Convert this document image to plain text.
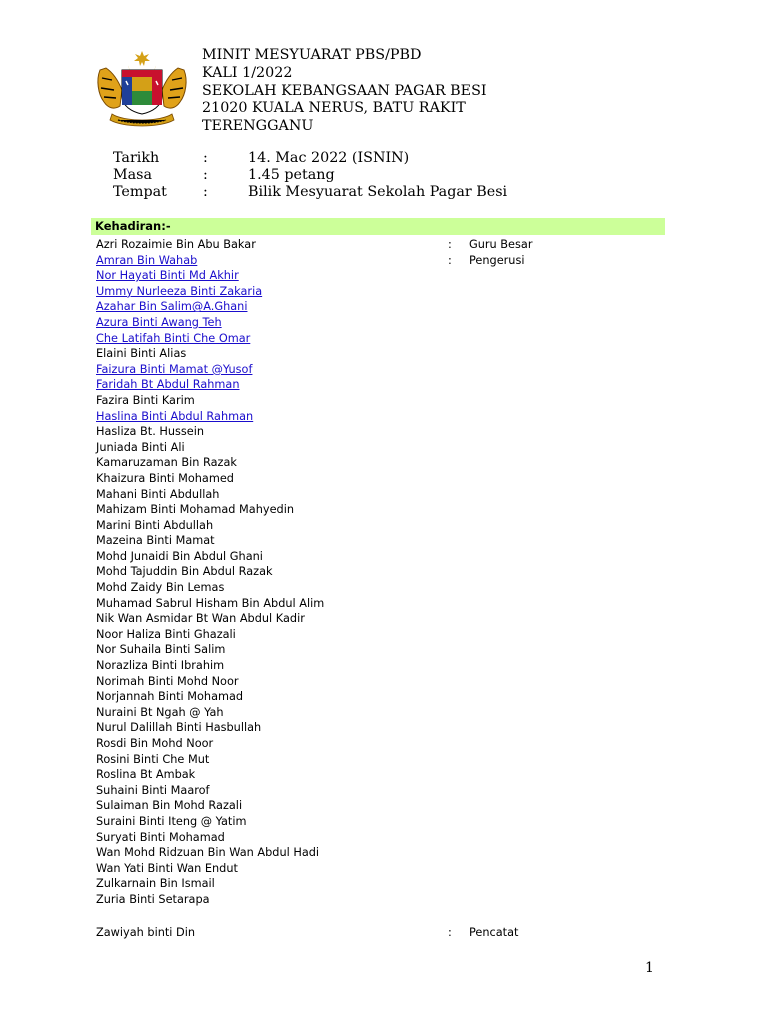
MINIT MESYUARAT PBS/PBD
KALI 1/2022
SEKOLAH KEBANGSAAN PAGAR BESI
21020 KUALA NERUS, BATU RAKIT
TERENGGANU
Tarikh	:	14. Mac 2022 (ISNIN)
Masa	:	1.45 petang
Tempat	:	Bilik Mesyuarat Sekolah Pagar Besi
Kehadiran:-
Azri Rozaimie Bin Abu Bakar	: Guru Besar
Amran Bin Wahab	: Pengerusi
Nor Hayati Binti Md Akhir
Ummy Nurleeza Binti Zakaria
Azahar Bin Salim@A.Ghani
Azura Binti Awang Teh
Che Latifah Binti Che Omar
Elaini Binti Alias
Faizura Binti Mamat @Yusof
Faridah Bt Abdul Rahman
Fazira Binti Karim
Haslina Binti Abdul Rahman
Hasliza Bt. Hussein
Juniada Binti Ali
Kamaruzaman Bin Razak
Khaizura Binti Mohamed
Mahani Binti Abdullah
Mahizam Binti Mohamad Mahyedin
Marini Binti Abdullah
Mazeina Binti Mamat
Mohd Junaidi Bin Abdul Ghani
Mohd Tajuddin Bin Abdul Razak
Mohd Zaidy Bin Lemas
Muhamad Sabrul Hisham Bin Abdul Alim
Nik Wan Asmidar Bt Wan Abdul Kadir
Noor Haliza Binti Ghazali
Nor Suhaila Binti Salim
Norazliza Binti Ibrahim
Norimah Binti Mohd Noor
Norjannah Binti Mohamad
Nuraini Bt Ngah @ Yah
Nurul Dalillah Binti Hasbullah
Rosdi Bin Mohd Noor
Rosini Binti Che Mut
Roslina Bt Ambak
Suhaini Binti Maarof
Sulaiman Bin Mohd Razali
Suraini Binti Iteng @ Yatim
Suryati Binti Mohamad
Wan Mohd Ridzuan Bin Wan Abdul Hadi
Wan Yati Binti Wan Endut
Zulkarnain Bin Ismail
Zuria Binti Setarapa
Zawiyah binti Din	: Pencatat
1
